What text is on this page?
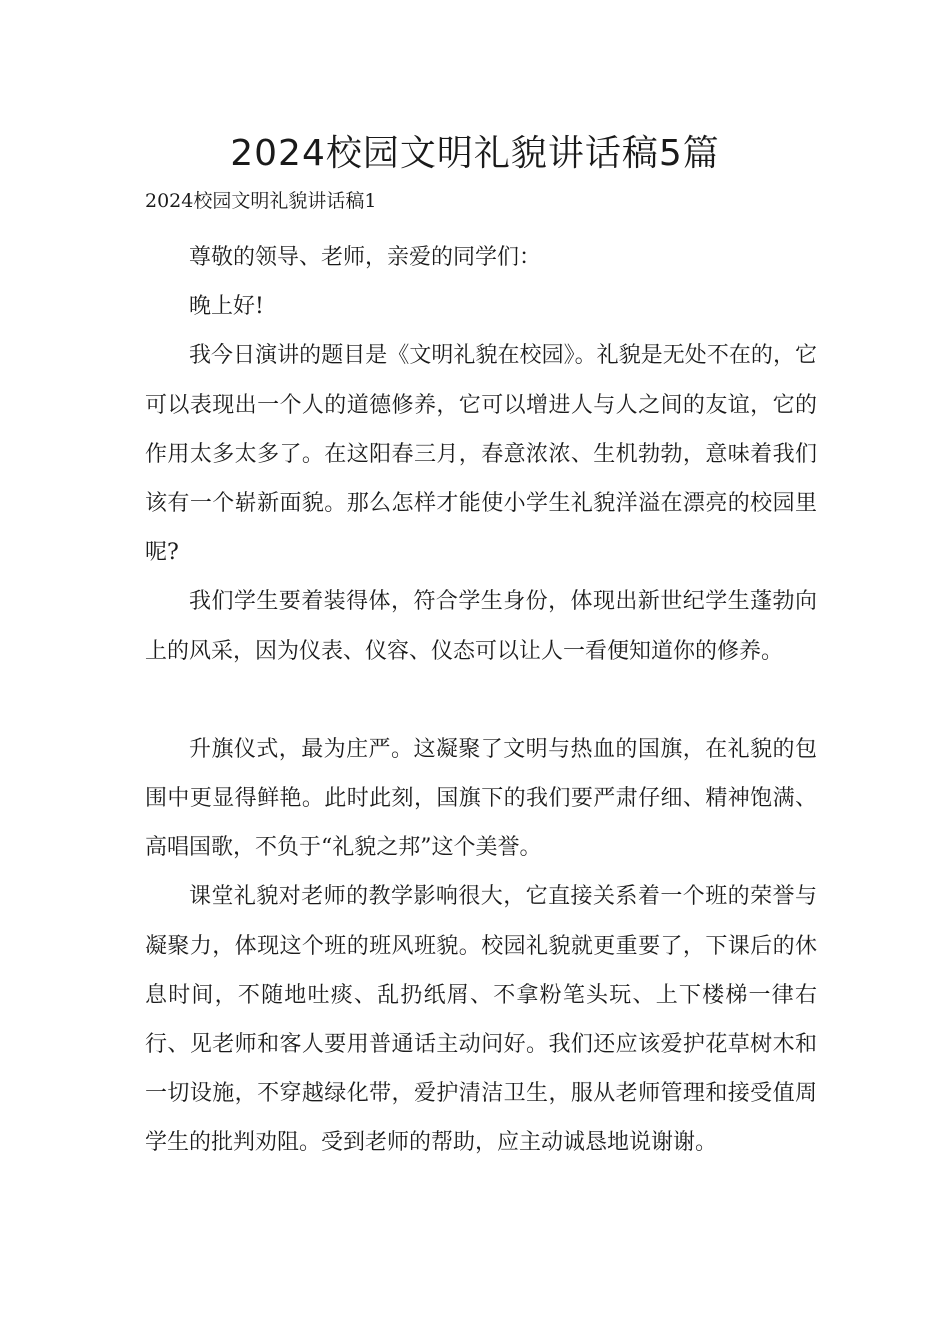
2024校园文明礼貌讲话稿5篇
2024校园文明礼貌讲话稿1

尊敬的领导、老师，亲爱的同学们：

晚上好!

我今日演讲的题目是《文明礼貌在校园》。礼貌是无处不在的，它可以表现出一个人的道德修养，它可以增进人与人之间的友谊，它的作用太多太多了。在这阳春三月，春意浓浓、生机勃勃，意味着我们该有一个崭新面貌。那么怎样才能使小学生礼貌洋溢在漂亮的校园里呢?

我们学生要着装得体，符合学生身份，体现出新世纪学生蓬勃向上的风采，因为仪表、仪容、仪态可以让人一看便知道你的修养。

升旗仪式，最为庄严。这凝聚了文明与热血的国旗，在礼貌的包围中更显得鲜艳。此时此刻，国旗下的我们要严肃仔细、精神饱满、高唱国歌，不负于“礼貌之邦”这个美誉。

课堂礼貌对老师的教学影响很大，它直接关系着一个班的荣誉与凝聚力，体现这个班的班风班貌。校园礼貌就更重要了，下课后的休息时间，不随地吐痰、乱扔纸屑、不拿粉笔头玩、上下楼梯一律右行、见老师和客人要用普通话主动问好。我们还应该爱护花草树木和一切设施，不穿越绿化带，爱护清洁卫生，服从老师管理和接受值周学生的批判劝阻。受到老师的帮助，应主动诚恳地说谢谢。
